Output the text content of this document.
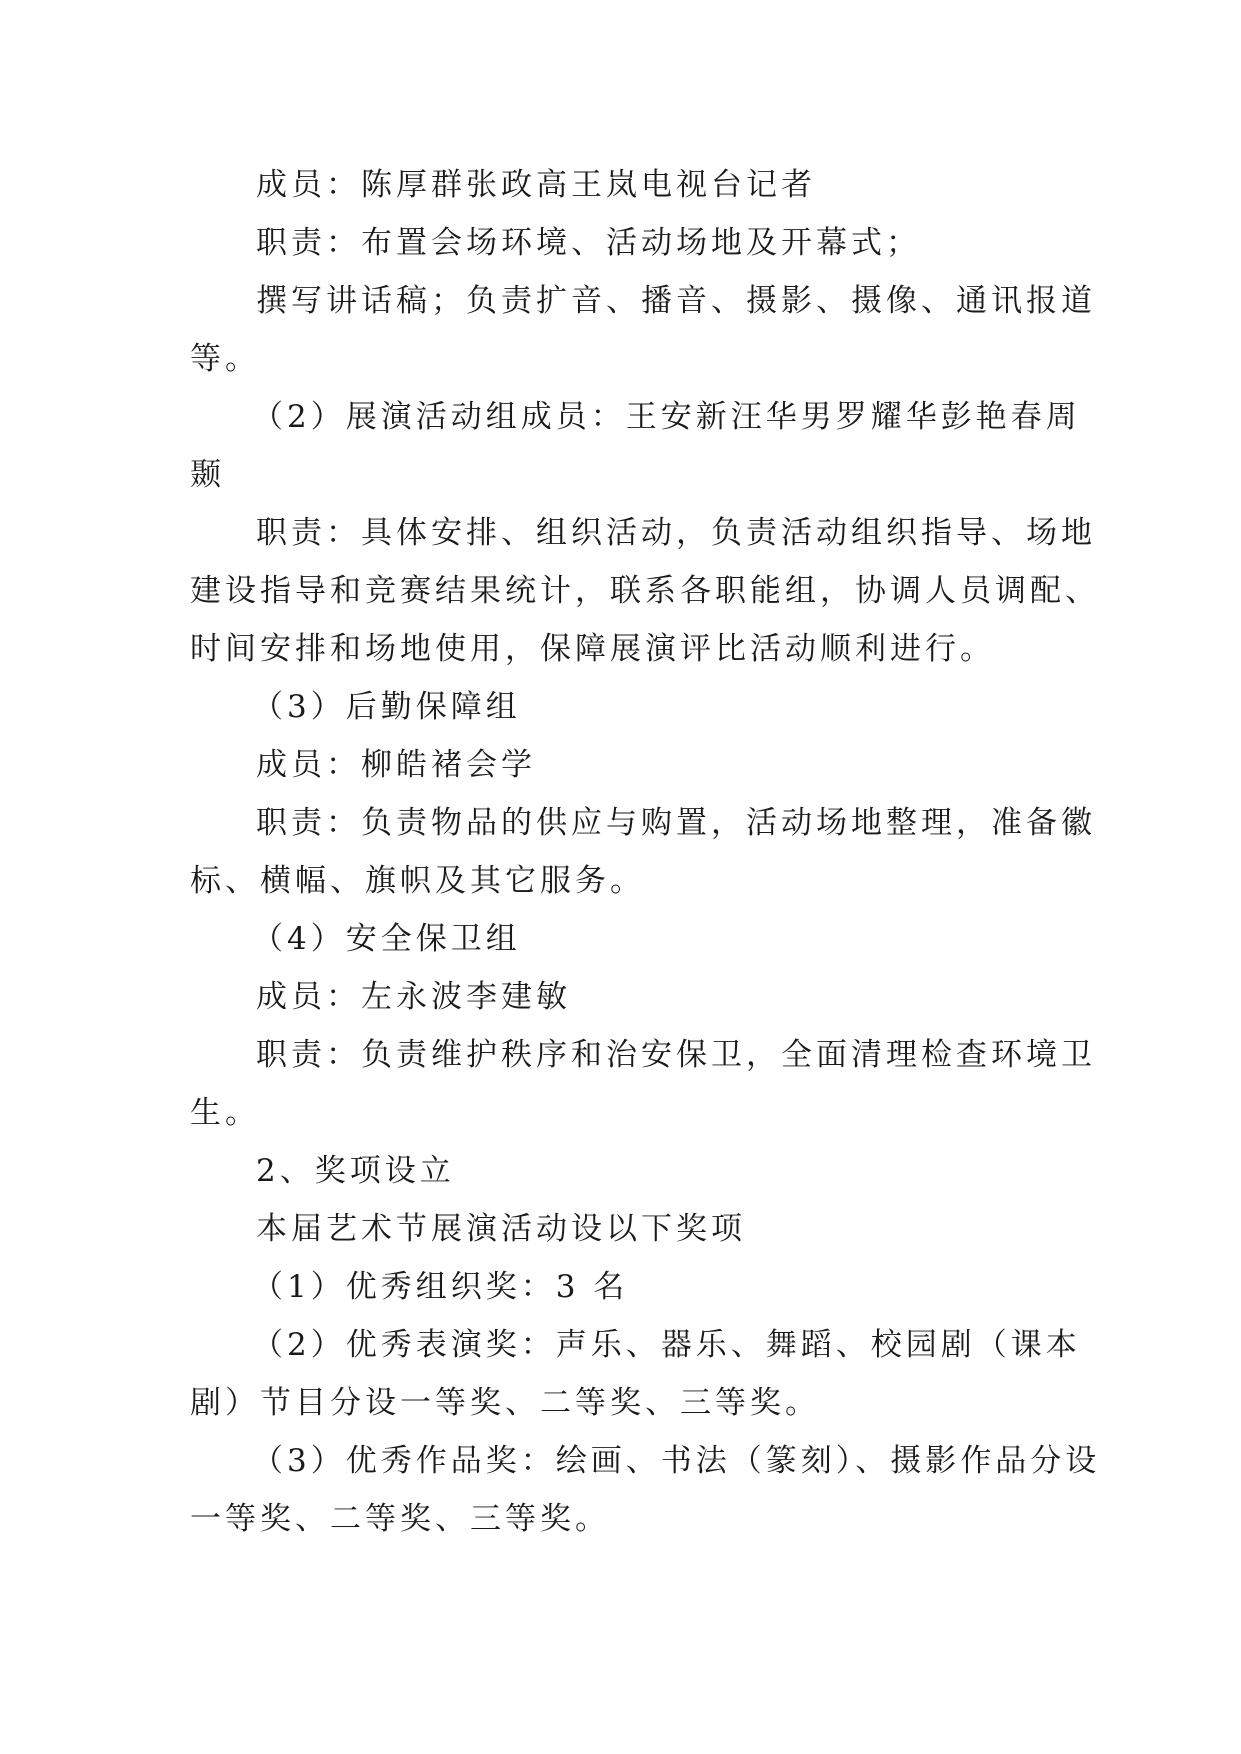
成员：陈厚群张政高王岚电视台记者
职责：布置会场环境、活动场地及开幕式；
撰写讲话稿；负责扩音、播音、摄影、摄像、通讯报道
等。
（2）展演活动组成员：王安新汪华男罗耀华彭艳春周
颞
职责：具体安排、组织活动，负责活动组织指导、场地
建设指导和竞赛结果统计，联系各职能组，协调人员调配、
时间安排和场地使用，保障展演评比活动顺利进行。
（3）后勤保障组
成员：柳皓褚会学
职责：负责物品的供应与购置，活动场地整理，准备徽
标、横幅、旗帜及其它服务。
（4）安全保卫组
成员：左永波李建敏
职责：负责维护秩序和治安保卫，全面清理检查环境卫
生。
2、奖项设立
本届艺术节展演活动设以下奖项
（1）优秀组织奖：3 名
（2）优秀表演奖：声乐、器乐、舞蹈、校园剧（课本
剧）节目分设一等奖、二等奖、三等奖。
（3）优秀作品奖：绘画、书法（篆刻）、摄影作品分设
一等奖、二等奖、三等奖。
